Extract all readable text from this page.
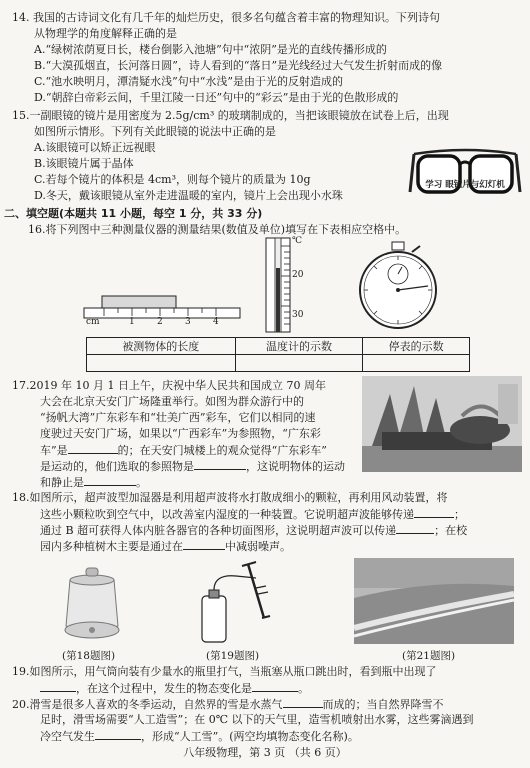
14. 我国的古诗词文化有几千年的灿烂历史，很多名句蕴含着丰富的物理知识。下列诗句
从物理学的角度解释正确的是
A.“绿树浓荫夏日长，楼台倒影入池塘”句中“浓阴”是光的直线传播形成的
B.“大漠孤烟直，长河落日圆”，诗人看到的“落日”是光线经过大气发生折射而成的像
C.“池水映明月，潭清疑水浅”句中“水浅”是由于光的反射造成的
D.“朝辞白帝彩云间，千里江陵一日还”句中的“彩云”是由于光的色散形成的
15.一副眼镜的镜片是用密度为 2.5g/cm³ 的玻璃制成的，当把该眼镜放在试卷上后，出现
如图所示情形。下列有关此眼镜的说法中正确的是
A.该眼镜可以矫正远视眼
B.该眼镜片属于晶体
C.若每个镜片的体积是 4cm³，则每个镜片的质量为 10g
D.冬天，戴该眼镜从室外走进温暖的室内，镜片上会出现小水珠
学习 眼镜片与幻灯机
二、填空题(本题共 11 小题，每空 1 分，共 33 分)
16.将下列图中三种测量仪器的测量结果(数值及单位)填写在下表相应空格中。
cm	1 2 3 4
℃
20
30
被测物体的长度	温度计的示数	停表的示数

17.2019 年 10 月 1 日上午，庆祝中华人民共和国成立 70 周年
大会在北京天安门广场隆重举行。如图为群众游行中的
“扬帆大湾”广东彩车和“壮美广西”彩车，它们以相同的速
度驶过天安门广场，如果以“广西彩车”为参照物，“广东彩
车”是	的；在天安门城楼上的观众觉得“广东彩车”
是运动的，他们选取的参照物是	，这说明物体的运动
和静止是	。
18.如图所示，超声波型加湿器是利用超声波将水打散成细小的颗粒，再利用风动装置，将
这些小颗粒吹到空气中，以改善室内湿度的一种装置。它说明超声波能够传递	；
通过 B 超可获得人体内脏各器官的各种切面图形，这说明超声波可以传递	；在校
园内多种植树木主要是通过在	中减弱噪声。
(第18题图)	(第19题图)	(第21题图)
19.如图所示，用气筒向装有少量水的瓶里打气，当瓶塞从瓶口跳出时，看到瓶中出现了
，在这个过程中，发生的物态变化是	。
20.滑雪是很多人喜欢的冬季运动，自然界的雪是水蒸气	而成的；当自然界降雪不
足时，滑雪场需要“人工造雪”；在 0℃ 以下的天气里，造雪机喷射出水雾，这些雾滴遇到
冷空气发生	，形成“人工雪”。(两空均填物态变化名称)。
八年级物理，第 3 页 （共 6 页）
